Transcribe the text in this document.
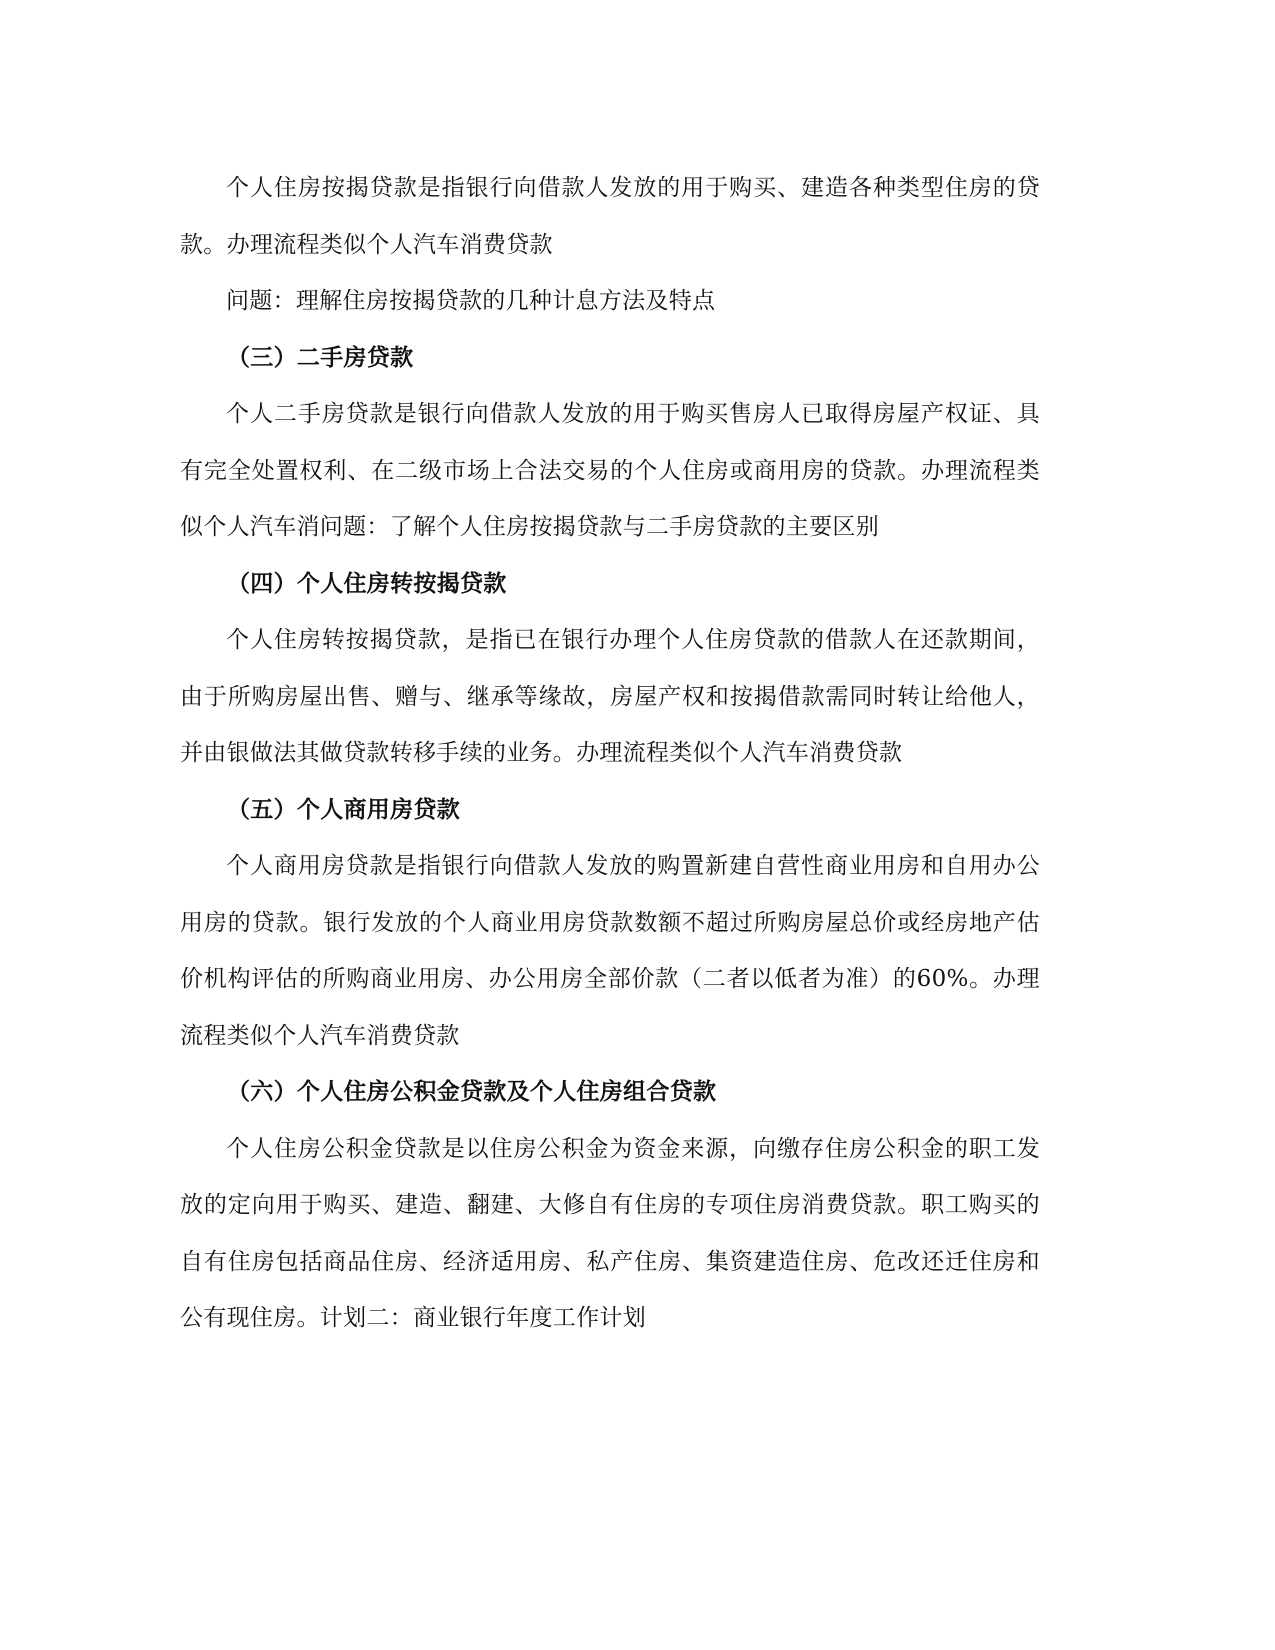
个人住房按揭贷款是指银行向借款人发放的用于购买、建造各种类型住房的贷款。办理流程类似个人汽车消费贷款

问题：理解住房按揭贷款的几种计息方法及特点

（三）二手房贷款

个人二手房贷款是银行向借款人发放的用于购买售房人已取得房屋产权证、具有完全处置权利、在二级市场上合法交易的个人住房或商用房的贷款。办理流程类似个人汽车消问题：了解个人住房按揭贷款与二手房贷款的主要区别

（四）个人住房转按揭贷款

个人住房转按揭贷款，是指已在银行办理个人住房贷款的借款人在还款期间，由于所购房屋出售、赠与、继承等缘故，房屋产权和按揭借款需同时转让给他人，并由银做法其做贷款转移手续的业务。办理流程类似个人汽车消费贷款

（五）个人商用房贷款

个人商用房贷款是指银行向借款人发放的购置新建自营性商业用房和自用办公用房的贷款。银行发放的个人商业用房贷款数额不超过所购房屋总价或经房地产估价机构评估的所购商业用房、办公用房全部价款（二者以低者为准）的60%。办理流程类似个人汽车消费贷款

（六）个人住房公积金贷款及个人住房组合贷款

个人住房公积金贷款是以住房公积金为资金来源，向缴存住房公积金的职工发放的定向用于购买、建造、翻建、大修自有住房的专项住房消费贷款。职工购买的自有住房包括商品住房、经济适用房、私产住房、集资建造住房、危改还迁住房和公有现住房。计划二：商业银行年度工作计划
